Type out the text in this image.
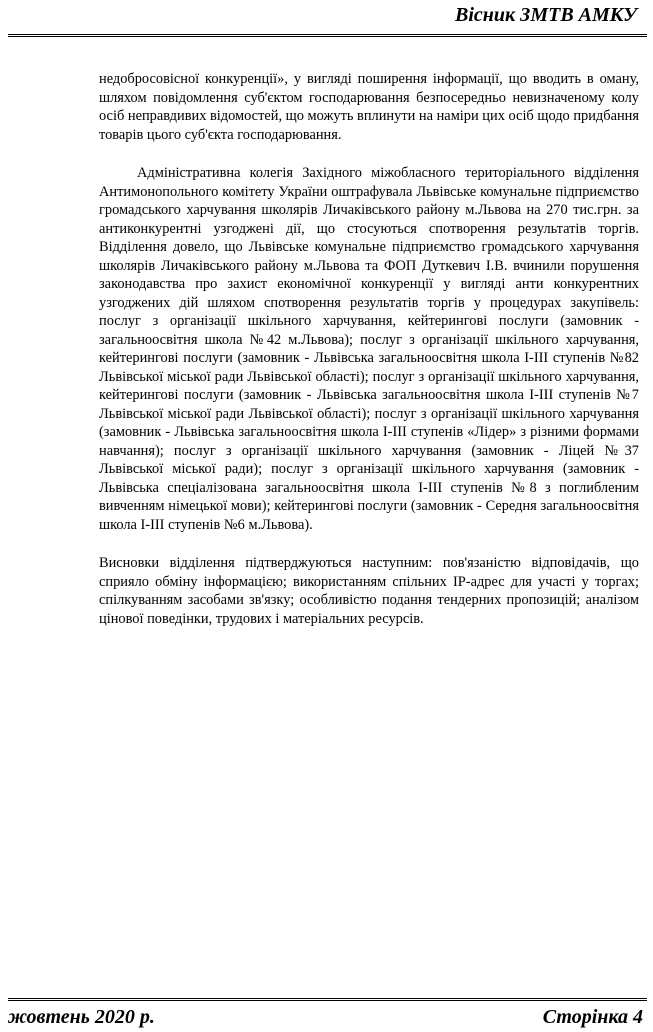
Вісник ЗМТВ АМКУ

недобросовісної конкуренції», у вигляді поширення інформації, що вводить в оману, шляхом повідомлення суб'єктом господарювання безпосередньо невизначеному колу осіб неправдивих відомостей, що можуть вплинути на наміри цих осіб щодо придбання товарів цього суб'єкта господарювання.

Адміністративна колегія Західного міжобласного територіального відділення Антимонопольного комітету України оштрафувала Львівське комунальне підприємство громадського харчування школярів Личаківського району м.Львова на 270 тис.грн. за антиконкурентні узгоджені дії, що стосуються спотворення результатів торгів. Відділення довело, що Львівське комунальне підприємство громадського харчування школярів Личаківського району м.Львова та ФОП Дуткевич І.В. вчинили порушення законодавства про захист економічної конкуренції у вигляді анти конкурентних узгоджених дій шляхом спотворення результатів торгів у процедурах закупівель: послуг з організації шкільного харчування, кейтерингові послуги (замовник - загальноосвітня школа №42 м.Львова); послуг з організації шкільного харчування, кейтерингові послуги (замовник - Львівська загальноосвітня школа І-ІІІ ступенів №82 Львівської міської ради Львівської області); послуг з організації шкільного харчування, кейтерингові послуги (замовник - Львівська загальноосвітня школа І-ІІІ ступенів №7 Львівської міської ради Львівської області); послуг з організації шкільного харчування (замовник - Львівська загальноосвітня школа І-ІІІ ступенів «Лідер» з різними формами навчання); послуг з організації шкільного харчування (замовник - Ліцей №37 Львівської міської ради); послуг з організації шкільного харчування (замовник - Львівська спеціалізована загальноосвітня школа І-ІІІ ступенів №8 з поглибленим вивченням німецької мови); кейтерингові послуги (замовник - Середня загальноосвітня школа І-ІІІ ступенів №6 м.Львова).

Висновки відділення підтверджуються наступним: пов'язаністю відповідачів, що сприяло обміну інформацією; використанням спільних IP-адрес для участі у торгах; спілкуванням засобами зв'язку; особливістю подання тендерних пропозицій; аналізом цінової поведінки, трудових і матеріальних ресурсів.

жовтень 2020 р.	Сторінка 4
